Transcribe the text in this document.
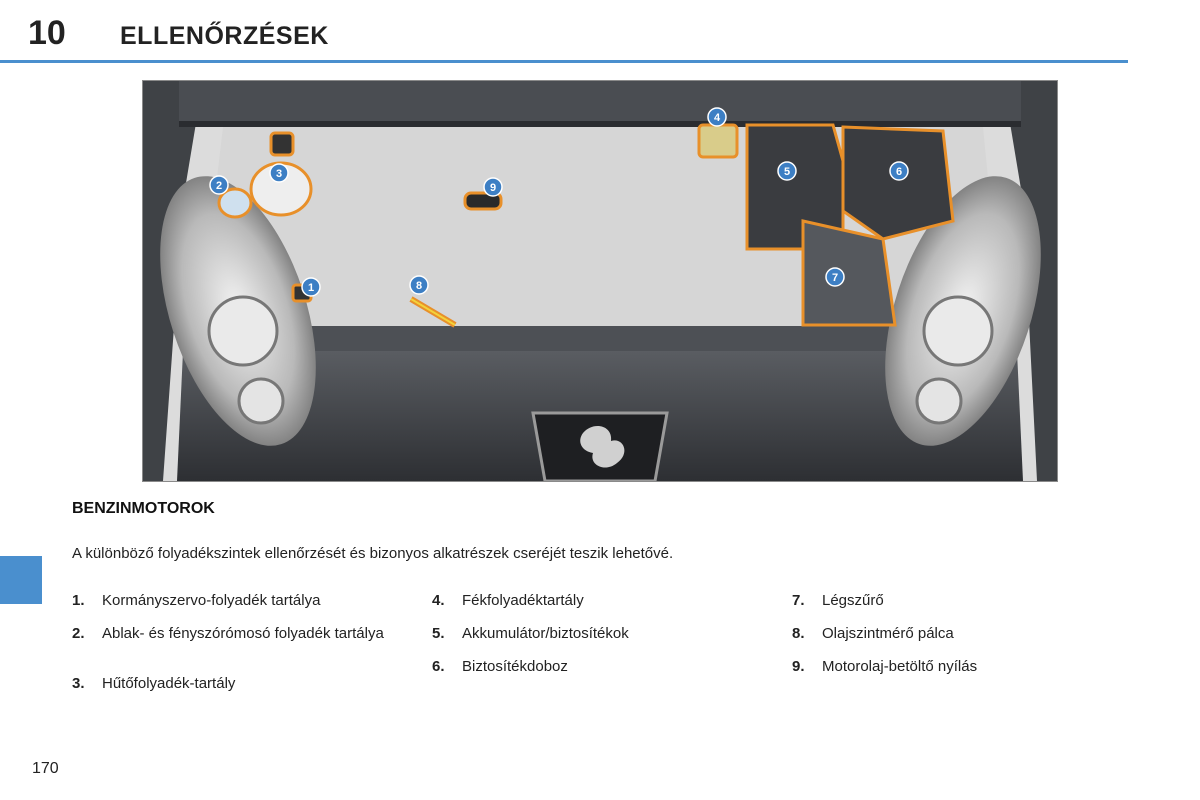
10 ELLENŐRZÉSEK
1
2
3
4
5	6
7
8
9
BENZINMOTOROK
A különböző folyadékszintek ellenőrzését és bizonyos alkatrészek cseréjét teszik lehetővé.
1. Kormányszervo-folyadék tartálya
2. Ablak- és fényszórómosó folyadék tartálya
3. Hűtőfolyadék-tartály
4. Fékfolyadéktartály
5. Akkumulátor/biztosítékok
6. Biztosítékdoboz
7. Légszűrő
8. Olajszintmérő pálca
9. Motorolaj-betöltő nyílás
170
